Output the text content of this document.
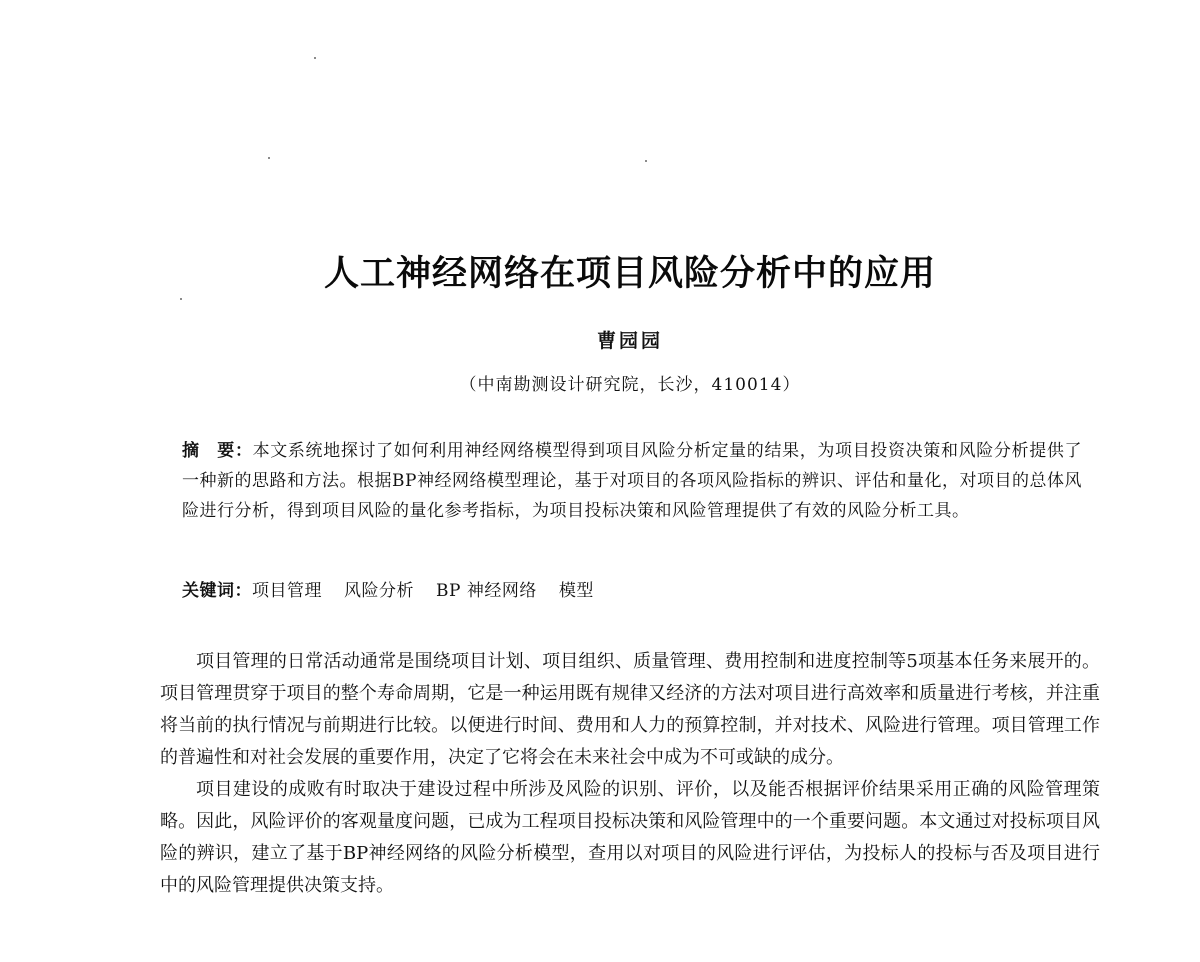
人工神经网络在项目风险分析中的应用
曹园园
（中南勘测设计研究院，长沙，410014）
摘　要：本文系统地探讨了如何利用神经网络模型得到项目风险分析定量的结果，为项目投资决策和风险分析提供了一种新的思路和方法。根据BP神经网络模型理论，基于对项目的各项风险指标的辨识、评估和量化，对项目的总体风险进行分析，得到项目风险的量化参考指标，为项目投标决策和风险管理提供了有效的风险分析工具。
关键词：项目管理 风险分析 BP 神经网络 模型

项目管理的日常活动通常是围绕项目计划、项目组织、质量管理、费用控制和进度控制等5项基本任务来展开的。项目管理贯穿于项目的整个寿命周期，它是一种运用既有规律又经济的方法对项目进行高效率和质量进行考核，并注重将当前的执行情况与前期进行比较。以便进行时间、费用和人力的预算控制，并对技术、风险进行管理。项目管理工作的普遍性和对社会发展的重要作用，决定了它将会在未来社会中成为不可或缺的成分。

项目建设的成败有时取决于建设过程中所涉及风险的识别、评价，以及能否根据评价结果采用正确的风险管理策略。因此，风险评价的客观量度问题，已成为工程项目投标决策和风险管理中的一个重要问题。本文通过对投标项目风险的辨识，建立了基于BP神经网络的风险分析模型，查用以对项目的风险进行评估，为投标人的投标与否及项目进行中的风险管理提供决策支持。
